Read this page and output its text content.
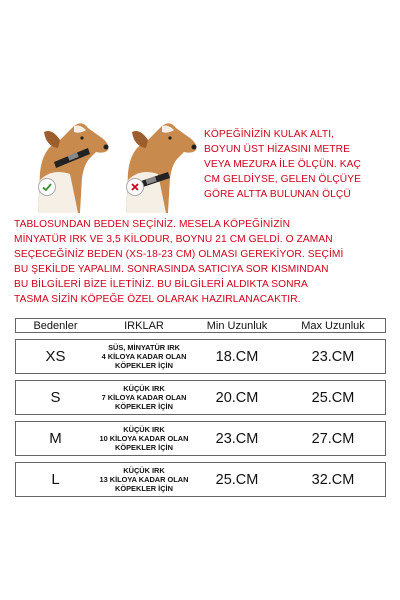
KÖPEĞİNİZİN KULAK ALTI,
BOYUN ÜST HİZASINI METRE
VEYA MEZURA İLE ÖLÇÜN. KAÇ
CM GELDİYSE, GELEN ÖLÇÜYE
GÖRE ALTTA BULUNAN ÖLÇÜ
TABLOSUNDAN BEDEN SEÇİNİZ. MESELA KÖPEĞİNİZİN
MİNYATÜR IRK VE 3,5 KİLODUR, BOYNU 21 CM GELDİ. O ZAMAN
SEÇECEĞİNİZ BEDEN (XS-18-23 CM) OLMASI GEREKİYOR. SEÇİMİ
BU ŞEKİLDE YAPALIM. SONRASINDA SATICIYA SOR KISMINDAN
BU BİLGİLERİ BİZE İLETİNİZ. BU BİLGİLERİ ALDIKTA SONRA
TASMA SİZİN KÖPEĞE ÖZEL OLARAK HAZIRLANACAKTIR.
Bedenler	IRKLAR	Min Uzunluk	Max Uzunluk
XS	SÜS, MİNYATÜR IRK
4 KİLOYA KADAR OLAN
KÖPEKLER İÇİN	18.CM	23.CM
S	KÜÇÜK IRK
7 KİLOYA KADAR OLAN
KÖPEKLER İÇİN	20.CM	25.CM
M	KÜÇÜK IRK
10 KİLOYA KADAR OLAN
KÖPEKLER İÇİN	23.CM	27.CM
L	KÜÇÜK IRK
13 KİLOYA KADAR OLAN
KÖPEKLER İÇİN	25.CM	32.CM
